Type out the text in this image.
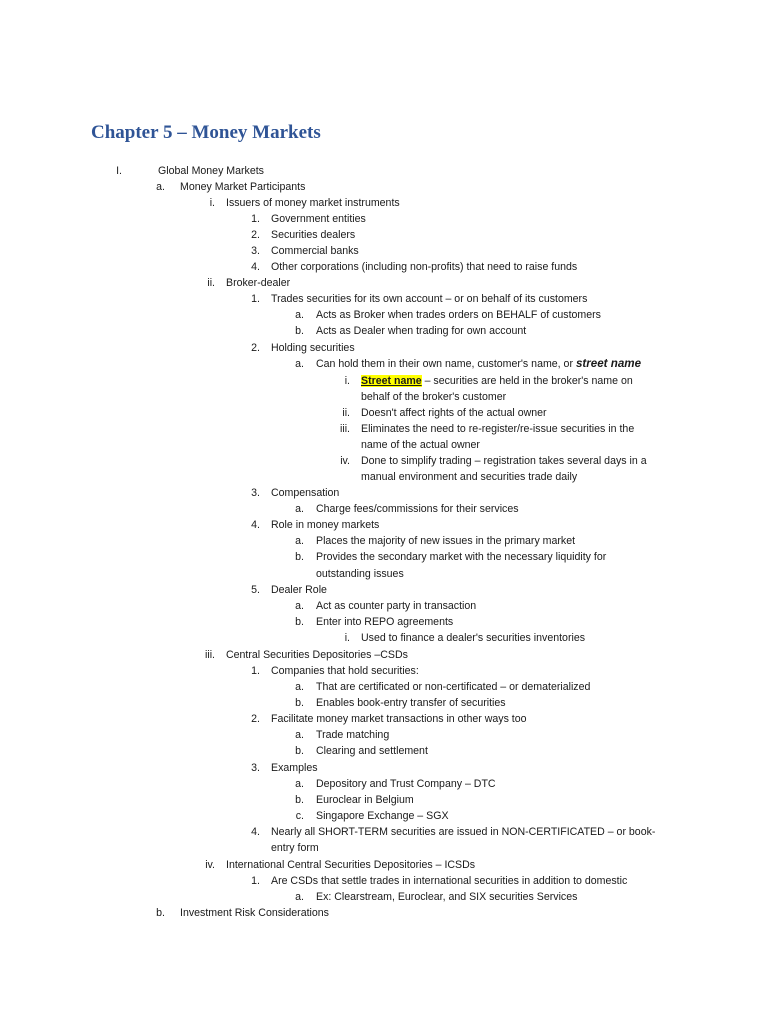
Chapter 5 – Money Markets
I.	Global Money Markets
a. Money Market Participants
i. Issuers of money market instruments
1. Government entities
2. Securities dealers
3. Commercial banks
4. Other corporations (including non-profits) that need to raise funds
ii. Broker-dealer
1. Trades securities for its own account – or on behalf of its customers
a. Acts as Broker when trades orders on BEHALF of customers
b. Acts as Dealer when trading for own account
2. Holding securities
a. Can hold them in their own name, customer's name, or street name
i. Street name – securities are held in the broker's name on
behalf of the broker's customer
ii. Doesn't affect rights of the actual owner
iii. Eliminates the need to re-register/re-issue securities in the
name of the actual owner
iv. Done to simplify trading – registration takes several days in a
manual environment and securities trade daily
3. Compensation
a. Charge fees/commissions for their services
4. Role in money markets
a. Places the majority of new issues in the primary market
b. Provides the secondary market with the necessary liquidity for
outstanding issues
5. Dealer Role
a. Act as counter party in transaction
b. Enter into REPO agreements
i. Used to finance a dealer's securities inventories
iii. Central Securities Depositories –CSDs
1. Companies that hold securities:
a. That are certificated or non-certificated – or dematerialized
b. Enables book-entry transfer of securities
2. Facilitate money market transactions in other ways too
a. Trade matching
b. Clearing and settlement
3. Examples
a. Depository and Trust Company – DTC
b. Euroclear in Belgium
c. Singapore Exchange – SGX
4. Nearly all SHORT-TERM securities are issued in NON-CERTIFICATED – or book-
entry form
iv. International Central Securities Depositories – ICSDs
1. Are CSDs that settle trades in international securities in addition to domestic
a. Ex: Clearstream, Euroclear, and SIX securities Services
b. Investment Risk Considerations
